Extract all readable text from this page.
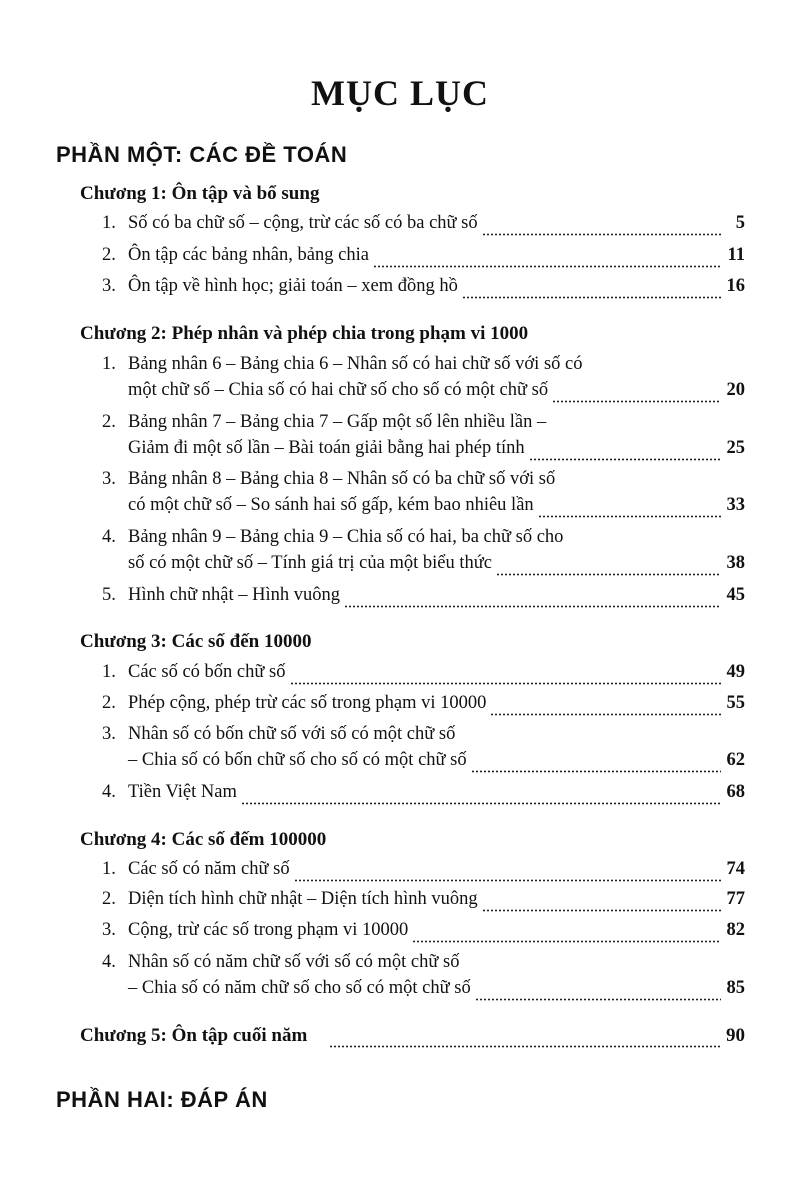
MỤC LỤC
PHẦN MỘT: CÁC ĐỀ TOÁN
Chương 1: Ôn tập và bổ sung
1. Số có ba chữ số – cộng, trừ các số có ba chữ số	5
2. Ôn tập các bảng nhân, bảng chia	11
3. Ôn tập về hình học; giải toán – xem đồng hồ	16
Chương 2: Phép nhân và phép chia trong phạm vi 1000
1. Bảng nhân 6 – Bảng chia 6 – Nhân số có hai chữ số với số có
một chữ số – Chia số có hai chữ số cho số có một chữ số	20
2. Bảng nhân 7 – Bảng chia 7 – Gấp một số lên nhiều lần –
Giảm đi một số lần – Bài toán giải bằng hai phép tính	25
3. Bảng nhân 8 – Bảng chia 8 – Nhân số có ba chữ số với số
có một chữ số – So sánh hai số gấp, kém bao nhiêu lần	33
4. Bảng nhân 9 – Bảng chia 9 – Chia số có hai, ba chữ số cho
số có một chữ số – Tính giá trị của một biểu thức	38
5. Hình chữ nhật – Hình vuông	45
Chương 3: Các số đến 10000
1. Các số có bốn chữ số	49
2. Phép cộng, phép trừ các số trong phạm vi 10000	55
3. Nhân số có bốn chữ số với số có một chữ số
– Chia số có bốn chữ số cho số có một chữ số	62
4. Tiền Việt Nam	68
Chương 4: Các số đếm 100000
1. Các số có năm chữ số	74
2. Diện tích hình chữ nhật – Diện tích hình vuông	77
3. Cộng, trừ các số trong phạm vi 10000	82
4. Nhân số có năm chữ số với số có một chữ số
– Chia số có năm chữ số cho số có một chữ số	85
Chương 5: Ôn tập cuối năm	90
PHẦN HAI: ĐÁP ÁN
